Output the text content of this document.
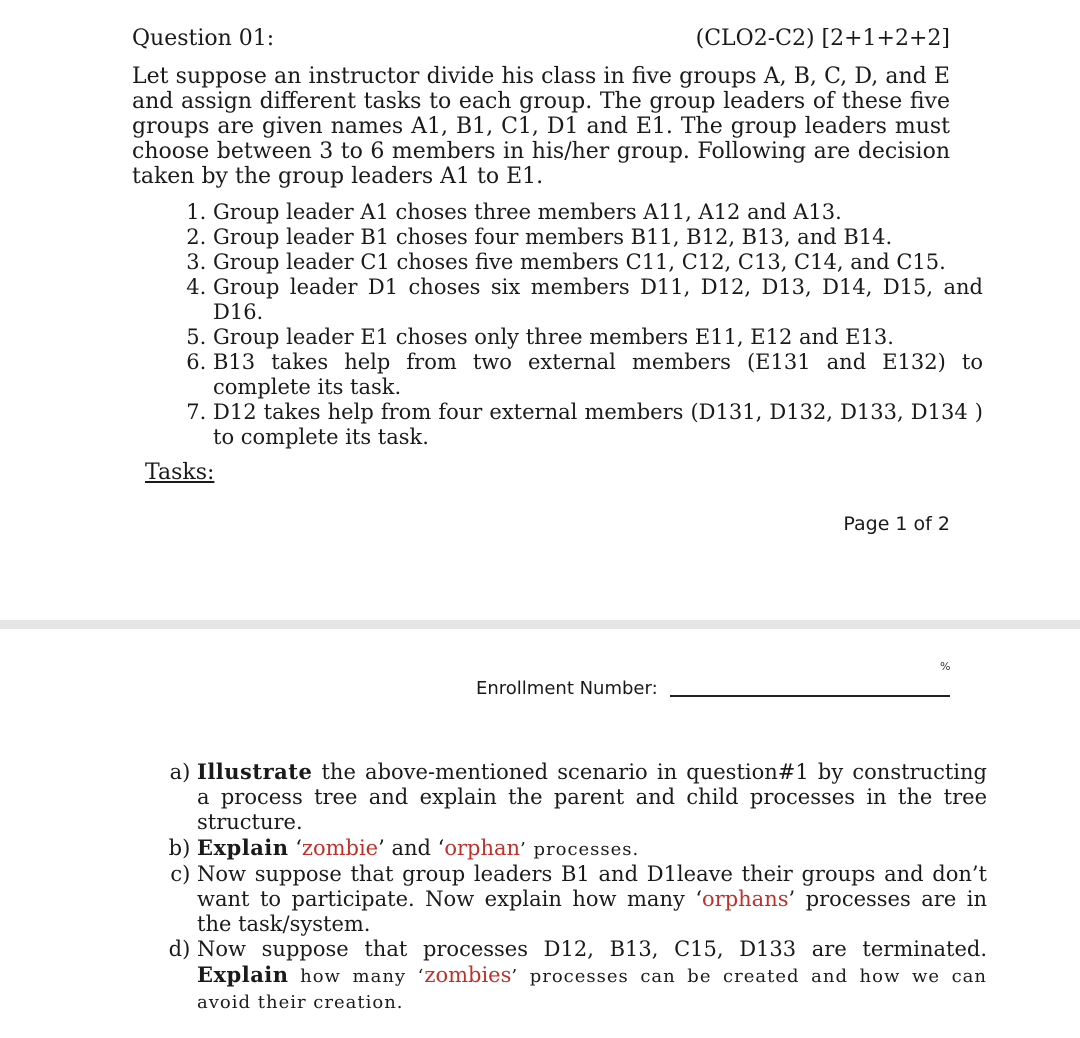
Question 01:	(CLO2-C2) [2+1+2+2]
Let suppose an instructor divide his class in five groups A, B, C, D, and E and assign different tasks to each group. The group leaders of these five groups are given names A1, B1, C1, D1 and E1. The group leaders must choose between 3 to 6 members in his/her group. Following are decision taken by the group leaders A1 to E1.
1. Group leader A1 choses three members A11, A12 and A13.
2. Group leader B1 choses four members B11, B12, B13, and B14.
3. Group leader C1 choses five members C11, C12, C13, C14, and C15.
4. Group leader D1 choses six members D11, D12, D13, D14, D15, and D16.
5. Group leader E1 choses only three members E11, E12 and E13.
6. B13 takes help from two external members (E131 and E132) to complete its task.
7. D12 takes help from four external members (D131, D132, D133, D134 ) to complete its task.
Tasks:
Page 1 of 2
%
Enrollment Number:
a. Illustrate the above-mentioned scenario in question#1 by constructing a process tree and explain the parent and child processes in the tree structure.
b. Explain ‘zombie’ and ‘orphan’ processes.
c. Now suppose that group leaders B1 and D1leave their groups and don’t want to participate. Now explain how many ‘orphans’ processes are in the task/system.
d. Now suppose that processes D12, B13, C15, D133 are terminated. Explain how many ‘zombies’ processes can be created and how we can avoid their creation.
